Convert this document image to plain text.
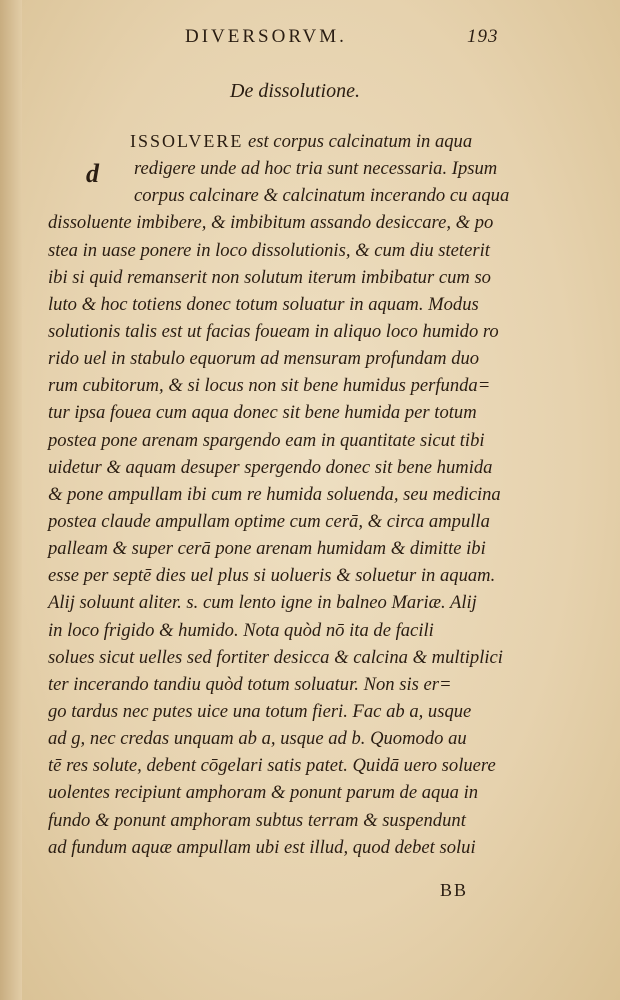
DIVERSORVM.	193
De dissolutione.
d
ISSOLVERE est corpus calcinatum in aqua
redigere unde ad hoc tria sunt necessaria. Ipsum
corpus calcinare & calcinatum incerando cu aqua
dissoluente imbibere, & imbibitum assando desiccare, & po
stea in uase ponere in loco dissolutionis, & cum diu steterit
ibi si quid remanserit non solutum iterum imbibatur cum so
luto & hoc totiens donec totum soluatur in aquam. Modus
solutionis talis est ut facias foueam in aliquo loco humido ro
rido uel in stabulo equorum ad mensuram profundam duo
rum cubitorum, & si locus non sit bene humidus perfunda=
tur ipsa fouea cum aqua donec sit bene humida per totum
postea pone arenam spargendo eam in quantitate sicut tibi
uidetur & aquam desuper spergendo donec sit bene humida
& pone ampullam ibi cum re humida soluenda, seu medicina
postea claude ampullam optime cum cerā, & circa ampulla
palleam & super cerā pone arenam humidam & dimitte ibi
esse per septē dies uel plus si uolueris & soluetur in aquam.
Alij soluunt aliter. s. cum lento igne in balneo Mariæ. Alij
in loco frigido & humido. Nota quòd nō ita de facili
solues sicut uelles sed fortiter desicca & calcina & multiplici
ter incerando tandiu quòd totum soluatur. Non sis er=
go tardus nec putes uice una totum fieri. Fac ab a, usque
ad g, nec credas unquam ab a, usque ad b. Quomodo au
tē res solute, debent cōgelari satis patet. Quidā uero soluere
uolentes recipiunt amphoram & ponunt parum de aqua in
fundo & ponunt amphoram subtus terram & suspendunt
ad fundum aquæ ampullam ubi est illud, quod debet solui
BB
